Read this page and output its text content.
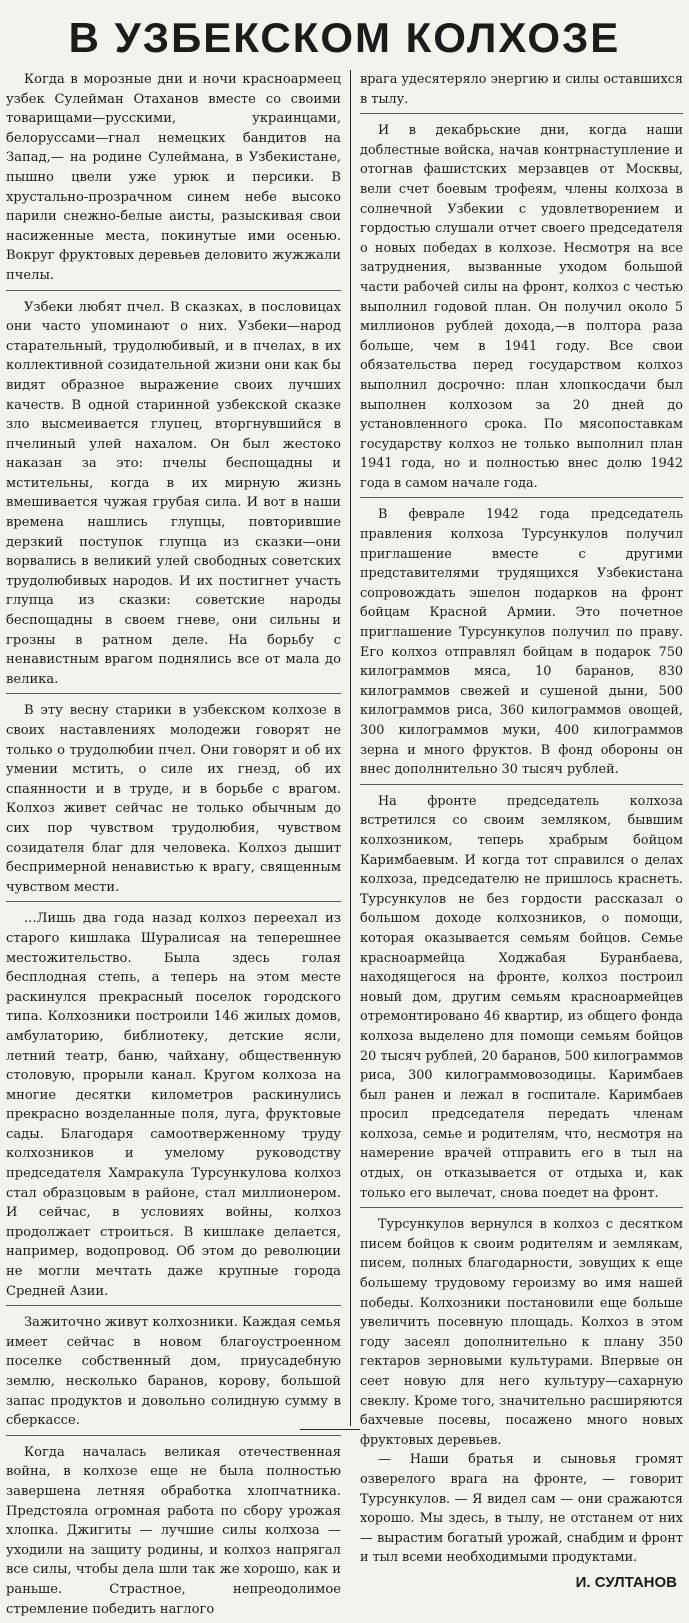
В УЗБЕКСКОМ КОЛХОЗЕ

Когда в морозные дни и ночи красноармеец узбек Сулейман Отаханов вместе со своими товарищами—русскими, украинцами, белоруссами—гнал немецких бандитов на Запад,— на родине Сулеймана, в Узбекистане, пышно цвели уже урюк и персики. В хрустально-прозрачном синем небе высоко парили снежно-белые аисты, разыскивая свои насиженные места, покинутые ими осенью. Вокруг фруктовых деревьев деловито жужжали пчелы.

Узбеки любят пчел. В сказках, в пословицах они часто упоминают о них. Узбеки—народ старательный, трудолюбивый, и в пчелах, в их коллективной созидательной жизни они как бы видят образное выражение своих лучших качеств. В одной старинной узбекской сказке зло высмеивается глупец, вторгнувшийся в пчелиный улей нахалом. Он был жестоко наказан за это: пчелы беспощадны и мстительны, когда в их мирную жизнь вмешивается чужая грубая сила. И вот в наши времена нашлись глупцы, повторившие дерзкий поступок глупца из сказки—они ворвались в великий улей свободных советских трудолюбивых народов. И их постигнет участь глупца из сказки: советские народы беспощадны в своем гневе, они сильны и грозны в ратном деле. На борьбу с ненавистным врагом поднялись все от мала до велика.

В эту весну старики в узбекском колхозе в своих наставлениях молодежи говорят не только о трудолюбии пчел. Они говорят и об их умении мстить, о силе их гнезд, об их спаянности и в труде, и в борьбе с врагом. Колхоз живет сейчас не только обычным до сих пор чувством трудолюбия, чувством созидателя благ для человека. Колхоз дышит беспримерной ненавистью к врагу, священным чувством мести.

...Лишь два года назад колхоз переехал из старого кишлака Шуралисая на теперешнее местожительство. Была здесь голая бесплодная степь, а теперь на этом месте раскинулся прекрасный поселок городского типа. Колхозники построили 146 жилых домов, амбулаторию, библиотеку, детские ясли, летний театр, баню, чайхану, общественную столовую, прорыли канал. Кругом колхоза на многие десятки километров раскинулись прекрасно возделанные поля, луга, фруктовые сады. Благодаря самоотверженному труду колхозников и умелому руководству председателя Хамракула Турсункулова колхоз стал образцовым в районе, стал миллионером. И сейчас, в условиях войны, колхоз продолжает строиться. В кишлаке делается, например, водопровод. Об этом до революции не могли мечтать даже крупные города Средней Азии.

Зажиточно живут колхозники. Каждая семья имеет сейчас в новом благоустроенном поселке собственный дом, приусадебную землю, несколько баранов, корову, большой запас продуктов и довольно солидную сумму в сберкассе.

Когда началась великая отечественная война, в колхозе еще не была полностью завершена летняя обработка хлопчатника. Предстояла огромная работа по сбору урожая хлопка. Джигиты — лучшие силы колхоза — уходили на защиту родины, и колхоз напрягал все силы, чтобы дела шли так же хорошо, как и раньше. Страстное, непреодолимое стремление победить наглого

врага удесятеряло энергию и силы оставшихся в тылу.

И в декабрьские дни, когда наши доблестные войска, начав контрнаступление и отогнав фашистских мерзавцев от Москвы, вели счет боевым трофеям, члены колхоза в солнечной Узбекии с удовлетворением и гордостью слушали отчет своего председателя о новых победах в колхозе. Несмотря на все затруднения, вызванные уходом большой части рабочей силы на фронт, колхоз с честью выполнил годовой план. Он получил около 5 миллионов рублей дохода,—в полтора раза больше, чем в 1941 году. Все свои обязательства перед государством колхоз выполнил досрочно: план хлопкосдачи был выполнен колхозом за 20 дней до установленного срока. По мясопоставкам государству колхоз не только выполнил план 1941 года, но и полностью внес долю 1942 года в самом начале года.

В феврале 1942 года председатель правления колхоза Турсункулов получил приглашение вместе с другими представителями трудящихся Узбекистана сопровождать эшелон подарков на фронт бойцам Красной Армии. Это почетное приглашение Турсункулов получил по праву. Его колхоз отправлял бойцам в подарок 750 килограммов мяса, 10 баранов, 830 килограммов свежей и сушеной дыни, 500 килограммов риса, 360 килограммов овощей, 300 килограммов муки, 400 килограммов зерна и много фруктов. В фонд обороны он внес дополнительно 30 тысяч рублей.

На фронте председатель колхоза встретился со своим земляком, бывшим колхозником, теперь храбрым бойцом Каримбаевым. И когда тот справился о делах колхоза, председателю не пришлось краснеть. Турсункулов не без гордости рассказал о большом доходе колхозников, о помощи, которая оказывается семьям бойцов. Семье красноармейца Ходжабая Буранбаева, находящегося на фронте, колхоз построил новый дом, другим семьям красноармейцев отремонтировано 46 квартир, из общего фонда колхоза выделено для помощи семьям бойцов 20 тысяч рублей, 20 баранов, 500 килограммов риса, 300 килограммовозодицы. Каримбаев был ранен и лежал в госпитале. Каримбаев просил председателя передать членам колхоза, семье и родителям, что, несмотря на намерение врачей отправить его в тыл на отдых, он отказывается от отдыха и, как только его вылечат, снова поедет на фронт.

Турсункулов вернулся в колхоз с десятком писем бойцов к своим родителям и землякам, писем, полных благодарности, зовущих к еще большему трудовому героизму во имя нашей победы. Колхозники постановили еще больше увеличить посевную площадь. Колхоз в этом году засеял дополнительно к плану 350 гектаров зерновыми культурами. Впервые он сеет новую для него культуру—сахарную свеклу. Кроме того, значительно расширяются бахчевые посевы, посажено много новых фруктовых деревьев.

— Наши братья и сыновья громят озверелого врага на фронте, — говорит Турсункулов. — Я видел сам — они сражаются хорошо. Мы здесь, в тылу, не отстанем от них — вырастим богатый урожай, снабдим и фронт и тыл всеми необходимыми продуктами.

И. СУЛТАНОВ
